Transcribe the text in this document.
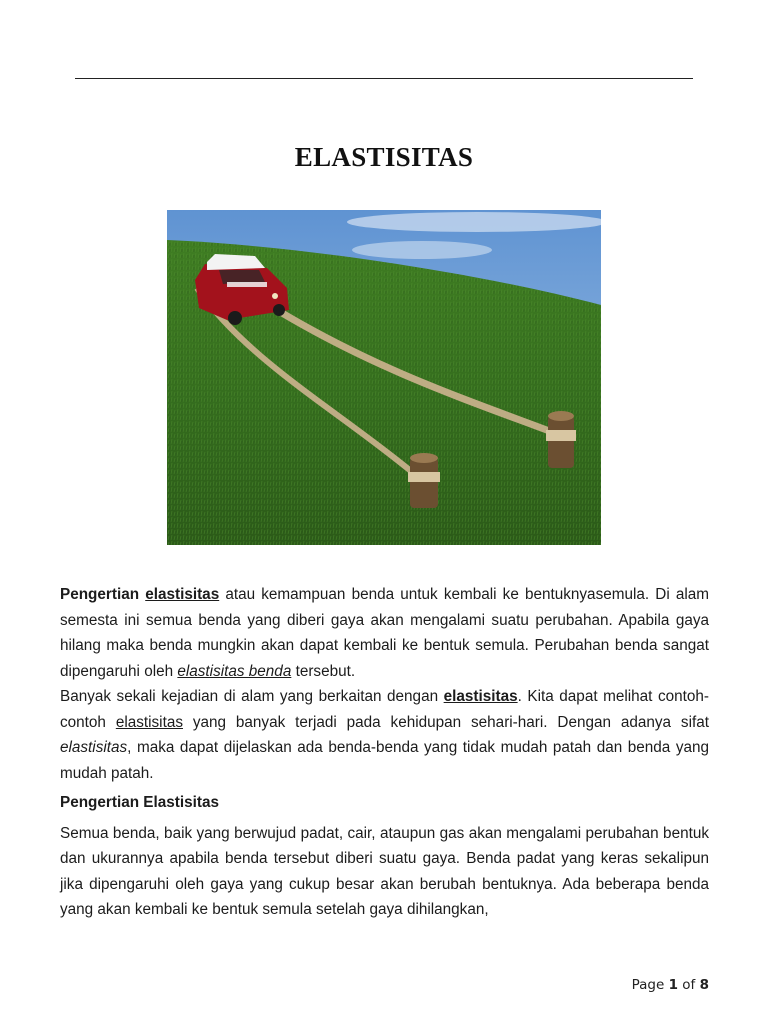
ELASTISITAS

Pengertian elastisitas atau kemampuan benda untuk kembali ke bentuknyasemula. Di alam semesta ini semua benda yang diberi gaya akan mengalami suatu perubahan. Apabila gaya hilang maka benda mungkin akan dapat kembali ke bentuk semula. Perubahan benda sangat dipengaruhi oleh elastisitas benda tersebut.

Banyak sekali kejadian di alam yang berkaitan dengan elastisitas. Kita dapat melihat contoh-contoh elastisitas yang banyak terjadi pada kehidupan sehari-hari. Dengan adanya sifat elastisitas, maka dapat dijelaskan ada benda-benda yang tidak mudah patah dan benda yang mudah patah.

Pengertian Elastisitas

Semua benda, baik yang berwujud padat, cair, ataupun gas akan mengalami perubahan bentuk dan ukurannya apabila benda tersebut diberi suatu gaya. Benda padat yang keras sekalipun jika dipengaruhi oleh gaya yang cukup besar akan berubah bentuknya. Ada beberapa benda yang akan kembali ke bentuk semula setelah gaya dihilangkan,

Page 1 of 8
